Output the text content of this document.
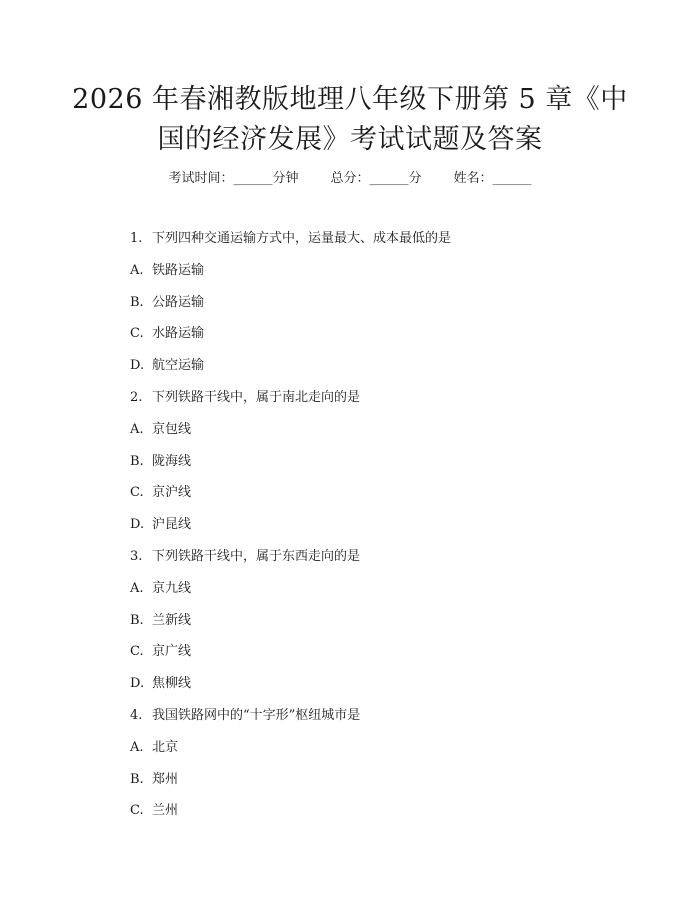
2026 年春湘教版地理八年级下册第 5 章《中
国的经济发展》考试试题及答案
考试时间：______分钟 总分：______分 姓名：______
1. 下列四种交通运输方式中，运量最大、成本最低的是
A. 铁路运输
B. 公路运输
C. 水路运输
D. 航空运输
2. 下列铁路干线中，属于南北走向的是
A. 京包线
B. 陇海线
C. 京沪线
D. 沪昆线
3. 下列铁路干线中，属于东西走向的是
A. 京九线
B. 兰新线
C. 京广线
D. 焦柳线
4. 我国铁路网中的“十字形”枢纽城市是
A. 北京
B. 郑州
C. 兰州
